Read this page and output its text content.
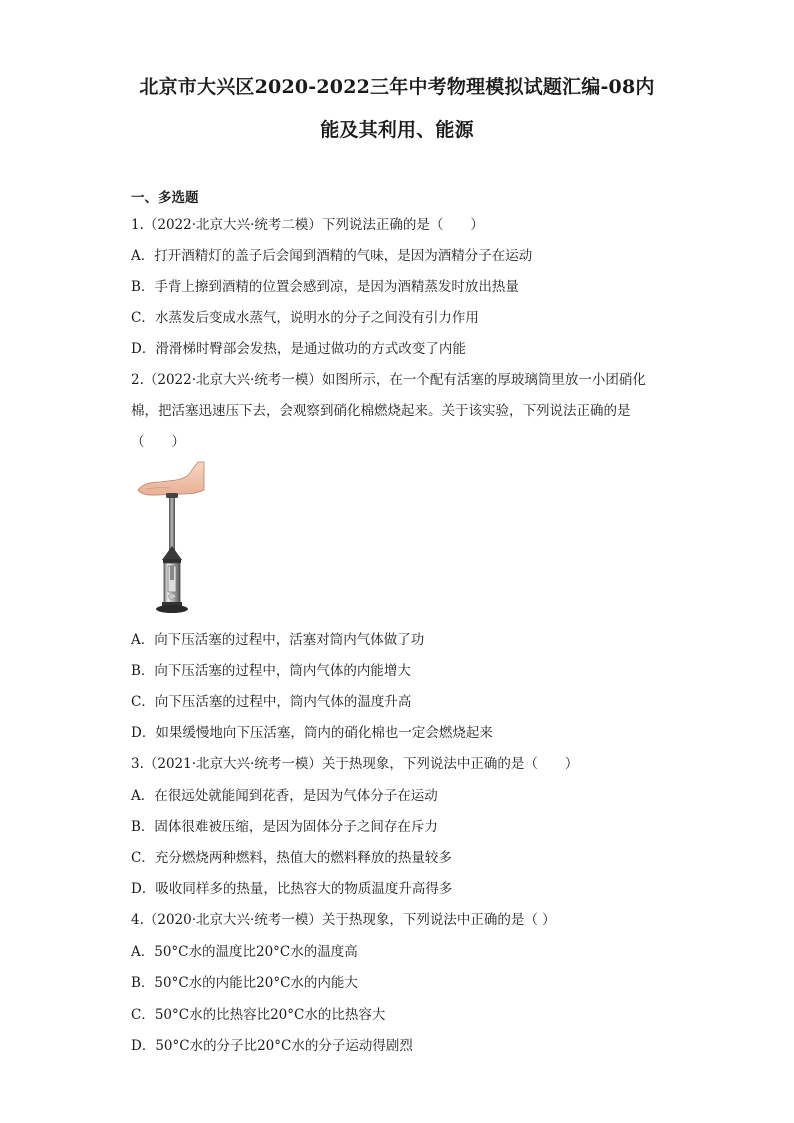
北京市大兴区2020-2022三年中考物理模拟试题汇编-08内
能及其利用、能源
一、多选题
1.（2022·北京大兴·统考二模）下列说法正确的是（　　）
A．打开酒精灯的盖子后会闻到酒精的气味，是因为酒精分子在运动
B．手背上擦到酒精的位置会感到凉，是因为酒精蒸发时放出热量
C．水蒸发后变成水蒸气，说明水的分子之间没有引力作用
D．滑滑梯时臀部会发热，是通过做功的方式改变了内能
2.（2022·北京大兴·统考一模）如图所示，在一个配有活塞的厚玻璃筒里放一小团硝化
棉，把活塞迅速压下去，会观察到硝化棉燃烧起来。关于该实验，下列说法正确的是
（　　）
A．向下压活塞的过程中，活塞对筒内气体做了功
B．向下压活塞的过程中，筒内气体的内能增大
C．向下压活塞的过程中，筒内气体的温度升高
D．如果缓慢地向下压活塞，筒内的硝化棉也一定会燃烧起来
3.（2021·北京大兴·统考一模）关于热现象，下列说法中正确的是（　　）
A．在很远处就能闻到花香，是因为气体分子在运动
B．固体很难被压缩，是因为固体分子之间存在斥力
C．充分燃烧两种燃料，热值大的燃料释放的热量较多
D．吸收同样多的热量，比热容大的物质温度升高得多
4.（2020·北京大兴·统考一模）关于热现象，下列说法中正确的是（ ）
A．50°C水的温度比20°C水的温度高
B．50°C水的内能比20°C水的内能大
C．50°C水的比热容比20°C水的比热容大
D．50°C水的分子比20°C水的分子运动得剧烈
